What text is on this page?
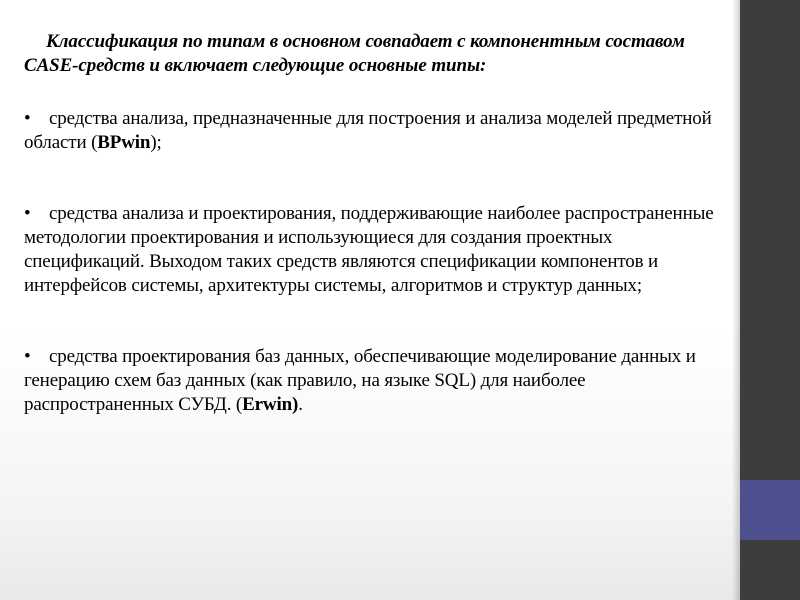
Классификация по типам в основном совпадает с компонентным составом CASE-средств и включает следующие основные типы:

• средства анализа, предназначенные для построения и анализа моделей предметной области (BPwin);

• средства анализа и проектирования, поддерживающие наиболее распространенные методологии проектирования и использующиеся для создания проектных спецификаций. Выходом таких средств являются спецификации компонентов и интерфейсов системы, архитектуры системы, алгоритмов и структур данных;

• средства проектирования баз данных, обеспечивающие моделирование данных и генерацию схем баз данных (как правило, на языке SQL) для наиболее распространенных СУБД. (Erwin).
